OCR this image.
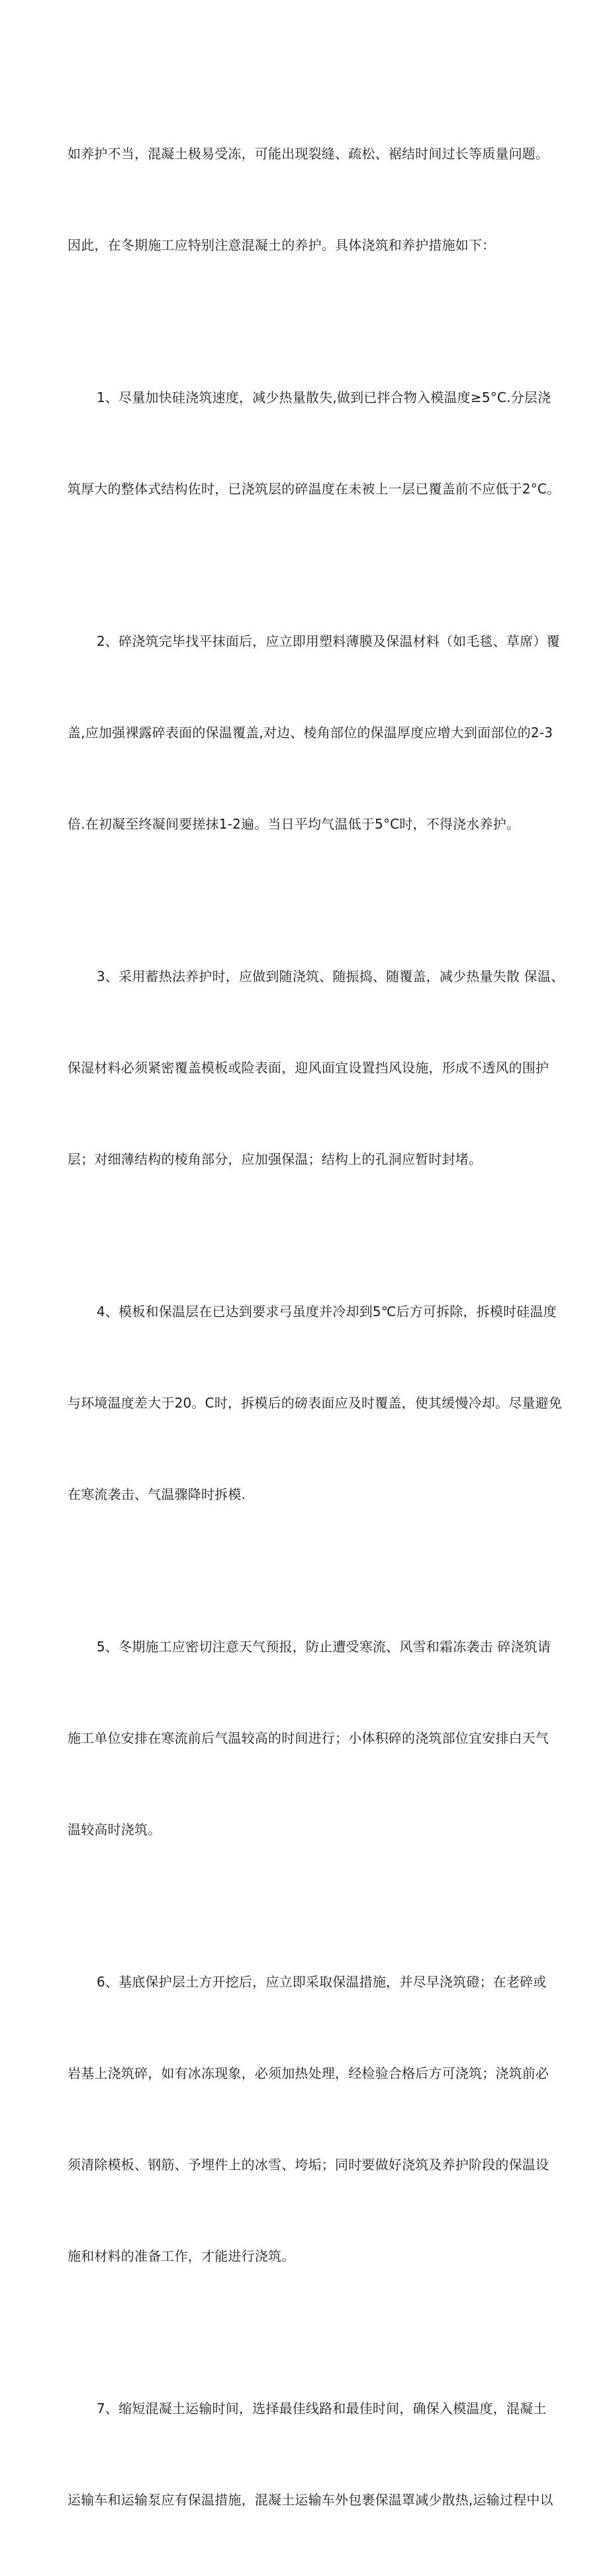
如养护不当，混凝土极易受冻，可能出现裂缝、疏松、裾结时间过长等质量问题。

因此，在冬期施工应特别注意混凝土的养护。具体浇筑和养护措施如下：

1、尽量加快硅浇筑速度，减少热量散失,做到已拌合物入模温度≥5°C.分层浇

筑厚大的整体式结构佐时，已浇筑层的碎温度在未被上一层已覆盖前不应低于2°C。

2、碎浇筑完毕找平抹面后，应立即用塑料薄膜及保温材料（如毛毯、草席）覆

盖,应加强裸露碎表面的保温覆盖,对边、棱角部位的保温厚度应增大到面部位的2-3

倍.在初凝至终凝间要搓抹1-2遍。当日平均气温低于5°C时，不得浇水养护。

3、采用蓄热法养护时，应做到随浇筑、随振捣、随覆盖，减少热量失散 保温、

保湿材料必须紧密覆盖模板或险表面，迎风面宜设置挡风设施，形成不透风的围护

层；对细薄结构的棱角部分，应加强保温；结构上的孔洞应暂时封堵。

4、模板和保温层在已达到要求弓虽度并冷却到5℃后方可拆除，拆模时硅温度

与环境温度差大于20。C时，拆模后的磅表面应及时覆盖，使其缓慢冷却。尽量避免

在寒流袭击、气温骤降时拆模.

5、冬期施工应密切注意天气预报，防止遭受寒流、风雪和霜冻袭击 碎浇筑请

施工单位安排在寒流前后气温较高的时间进行；小体积碎的浇筑部位宜安排白天气

温较高时浇筑。

6、基底保护层土方开挖后，应立即采取保温措施，并尽早浇筑磴；在老碎或

岩基上浇筑碎，如有冰冻现象，必须加热处理，经检验合格后方可浇筑；浇筑前必

须清除模板、钢筋、予埋件上的冰雪、垮垢；同时要做好浇筑及养护阶段的保温设

施和材料的准备工作，才能进行浇筑。

7、缩短混凝土运输时间，选择最佳线路和最佳时间，确保入模温度，混凝土

运输车和运输泵应有保温措施，混凝土运输车外包裹保温罩减少散热,运输过程中以
